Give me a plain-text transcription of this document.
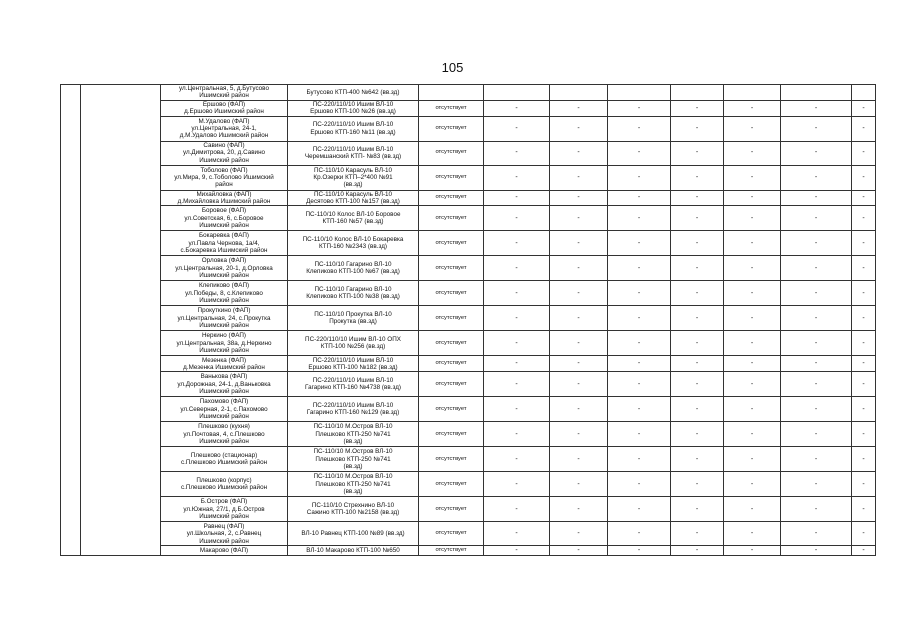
105
		ул.Центральная, 5, д.Бутусово
Ишимский район	Бутусово КТП-400 №642 (вв.зд)								
		Ершово (ФАП)
д.Ершово Ишимский район	ПС-220/110/10 Ишим ВЛ-10
Ершово КТП-100 №26 (вв.зд)	отсутствует	-	-	-	-	-	-	-
		М.Удалово (ФАП)
ул.Центральная, 24-1,
д.М.Удалово Ишимский район	ПС-220/110/10 Ишим ВЛ-10
Ершово КТП-160 №11 (вв.зд)	отсутствует	-	-	-	-	-	-	-
		Савино (ФАП)
ул.Димитрова, 20, д.Савино
Ишимский район	ПС-220/110/10 Ишим ВЛ-10
Черемшанский КТП- №83 (вв.зд)	отсутствует	-	-	-	-	-	-	-
		Тоболово (ФАП)
ул.Мира, 9, с.Тоболово Ишимский
район	ПС-110/10 Карасуль ВЛ-10
Кр.Озерки КТП–2*400 №91
(вв.зд)	отсутствует	-	-	-	-	-	-	-
		Михайловка (ФАП)
д.Михайловка Ишимский район	ПС-110/10 Карасуль ВЛ-10
Десятово КТП-100 №157 (вв.зд)	отсутствует	-	-	-	-	-	-	-
		Боровое (ФАП)
ул.Советская, 6, с.Боровое
Ишимский район	ПС-110/10 Колос ВЛ-10 Боровое
КТП-160 №57 (вв.зд)	отсутствует	-	-	-	-	-	-	-
		Бокаревка (ФАП)
ул.Павла Чернова, 1а/4,
с.Бокаревка Ишимский район	ПС-110/10 Колос ВЛ-10 Бокаревка
КТП-160 №2343 (вв.зд)	отсутствует	-	-	-	-	-	-	-
		Орловка (ФАП)
ул.Центральная, 20-1, д.Орловка
Ишимский район	ПС-110/10 Гагарино ВЛ-10
Клепиково КТП-100 №67 (вв.зд)	отсутствует	-	-	-	-	-	-	-
		Клепиково (ФАП)
ул.Победы, 8, с.Клепиково
Ишимский район	ПС-110/10 Гагарино ВЛ-10
Клепиково КТП-100 №38 (вв.зд)	отсутствует	-	-	-	-	-	-	-
		Прокуткино (ФАП)
ул.Центральная, 24, с.Прокутка
Ишимский район	ПС-110/10 Прокутка ВЛ-10
Прокутка (вв.зд)	отсутствует	-	-	-	-	-	-	-
		Неркино (ФАП)
ул.Центральная, 38а, д.Неркино
Ишимский район	ПС-220/110/10 Ишим ВЛ-10 ОПХ
КТП-100 №256 (вв.зд)	отсутствует	-	-	-	-	-	-	-
		Мезенка (ФАП)
д.Мезенка Ишимский район	ПС-220/110/10 Ишим ВЛ-10
Ершово КТП-100 №182 (вв.зд)	отсутствует	-	-	-	-	-	-	-
		Ванькова (ФАП)
ул.Дорожная, 24-1, д.Ваньковка
Ишимский район	ПС-220/110/10 Ишим ВЛ-10
Гагарино КТП-160 №4738 (вв.зд)	отсутствует	-	-	-	-	-	-	-
		Пахомово (ФАП)
ул.Северная, 2-1, с.Пахомово
Ишимский район	ПС-220/110/10 Ишим ВЛ-10
Гагарино КТП-160 №129 (вв.зд)	отсутствует	-	-	-	-	-	-	-
		Плешково (кухня)
ул.Почтовая, 4, с.Плешково
Ишимский район	ПС-110/10 М.Остров ВЛ-10
Плешково КТП-250 №741
(вв.зд)	отсутствует	-	-	-	-	-	-	-
		Плешково (стационар)
с.Плешково Ишимский район	ПС-110/10 М.Остров ВЛ-10
Плешково КТП-250 №741
(вв.зд)	отсутствует	-	-	-	-	-	-	-
		Плешково (корпус)
с.Плешково Ишимский район	ПС-110/10 М.Остров ВЛ-10
Плешково КТП-250 №741
(вв.зд)	отсутствует	-	-	-	-	-	-	-
		Б.Остров (ФАП)
ул.Южная, 27/1, д.Б.Остров
Ишимский район	ПС-110/10 Стрехнино ВЛ-10
Сажино КТП-100 №2158 (вв.зд)	отсутствует	-	-	-	-	-	-	-
		Равнец (ФАП)
ул.Школьная, 2, с.Равнец
Ишимский район	ВЛ-10 Равнец КТП-100 №89 (вв.зд)	отсутствует	-	-	-	-	-	-	-
		Макарово (ФАП)	ВЛ-10 Макарово КТП-100 №650	отсутствует	-	-	-	-	-	-	-
